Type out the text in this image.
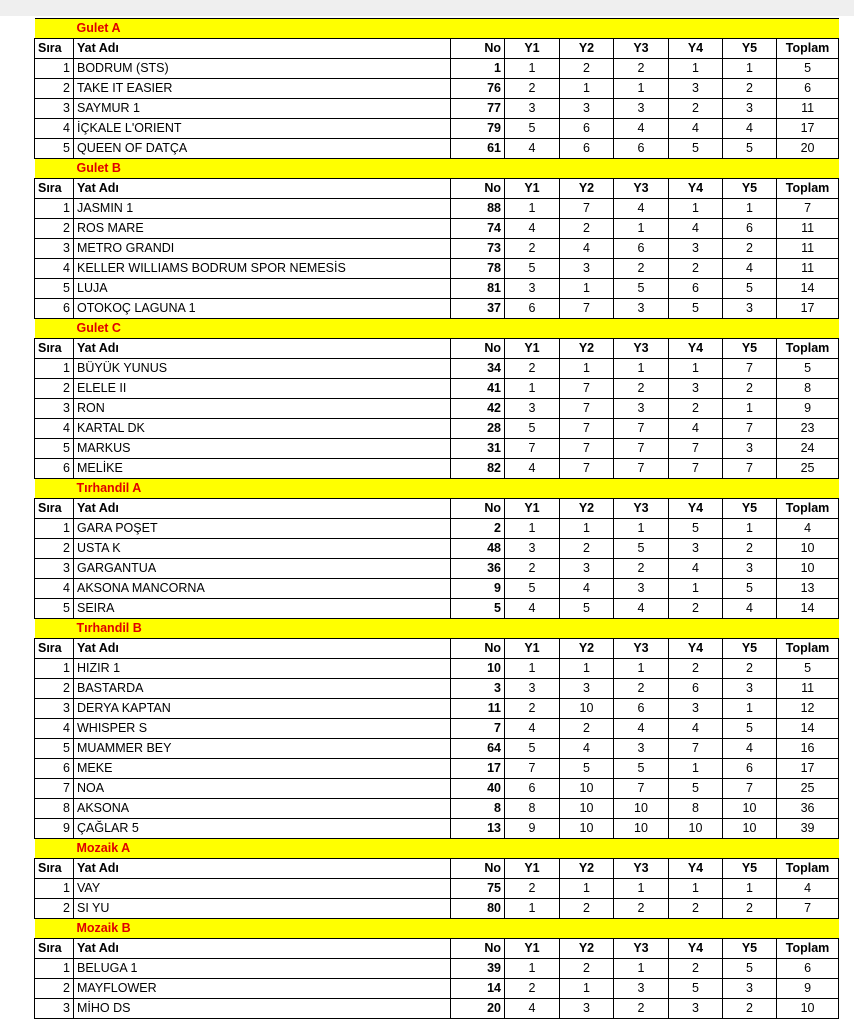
Gulet A								
Sıra	Yat Adı	No	Y1	Y2	Y3	Y4	Y5	Toplam
1	BODRUM (STS)	1	1	2	2	1	1	5
2	TAKE IT EASIER	76	2	1	1	3	2	6
3	SAYMUR 1	77	3	3	3	2	3	11
4	İÇKALE L'ORIENT	79	5	6	4	4	4	17
5	QUEEN OF DATÇA	61	4	6	6	5	5	20
Gulet B								
Sıra	Yat Adı	No	Y1	Y2	Y3	Y4	Y5	Toplam
1	JASMIN 1	88	1	7	4	1	1	7
2	ROS MARE	74	4	2	1	4	6	11
3	METRO GRANDI	73	2	4	6	3	2	11
4	KELLER WILLIAMS BODRUM SPOR NEMESİS	78	5	3	2	2	4	11
5	LUJA	81	3	1	5	6	5	14
6	OTOKOÇ LAGUNA 1	37	6	7	3	5	3	17
Gulet C								
Sıra	Yat Adı	No	Y1	Y2	Y3	Y4	Y5	Toplam
1	BÜYÜK YUNUS	34	2	1	1	1	7	5
2	ELELE II	41	1	7	2	3	2	8
3	RON	42	3	7	3	2	1	9
4	KARTAL DK	28	5	7	7	4	7	23
5	MARKUS	31	7	7	7	7	3	24
6	MELİKE	82	4	7	7	7	7	25
Tırhandil A								
Sıra	Yat Adı	No	Y1	Y2	Y3	Y4	Y5	Toplam
1	GARA POŞET	2	1	1	1	5	1	4
2	USTA K	48	3	2	5	3	2	10
3	GARGANTUA	36	2	3	2	4	3	10
4	AKSONA MANCORNA	9	5	4	3	1	5	13
5	SEIRA	5	4	5	4	2	4	14
Tırhandil B								
Sıra	Yat Adı	No	Y1	Y2	Y3	Y4	Y5	Toplam
1	HIZIR 1	10	1	1	1	2	2	5
2	BASTARDA	3	3	3	2	6	3	11
3	DERYA KAPTAN	11	2	10	6	3	1	12
4	WHISPER S	7	4	2	4	4	5	14
5	MUAMMER BEY	64	5	4	3	7	4	16
6	MEKE	17	7	5	5	1	6	17
7	NOA	40	6	10	7	5	7	25
8	AKSONA	8	8	10	10	8	10	36
9	ÇAĞLAR 5	13	9	10	10	10	10	39
Mozaik A								
Sıra	Yat Adı	No	Y1	Y2	Y3	Y4	Y5	Toplam
1	VAY	75	2	1	1	1	1	4
2	SI YU	80	1	2	2	2	2	7
Mozaik B								
Sıra	Yat Adı	No	Y1	Y2	Y3	Y4	Y5	Toplam
1	BELUGA 1	39	1	2	1	2	5	6
2	MAYFLOWER	14	2	1	3	5	3	9
3	MİHO DS	20	4	3	2	3	2	10
